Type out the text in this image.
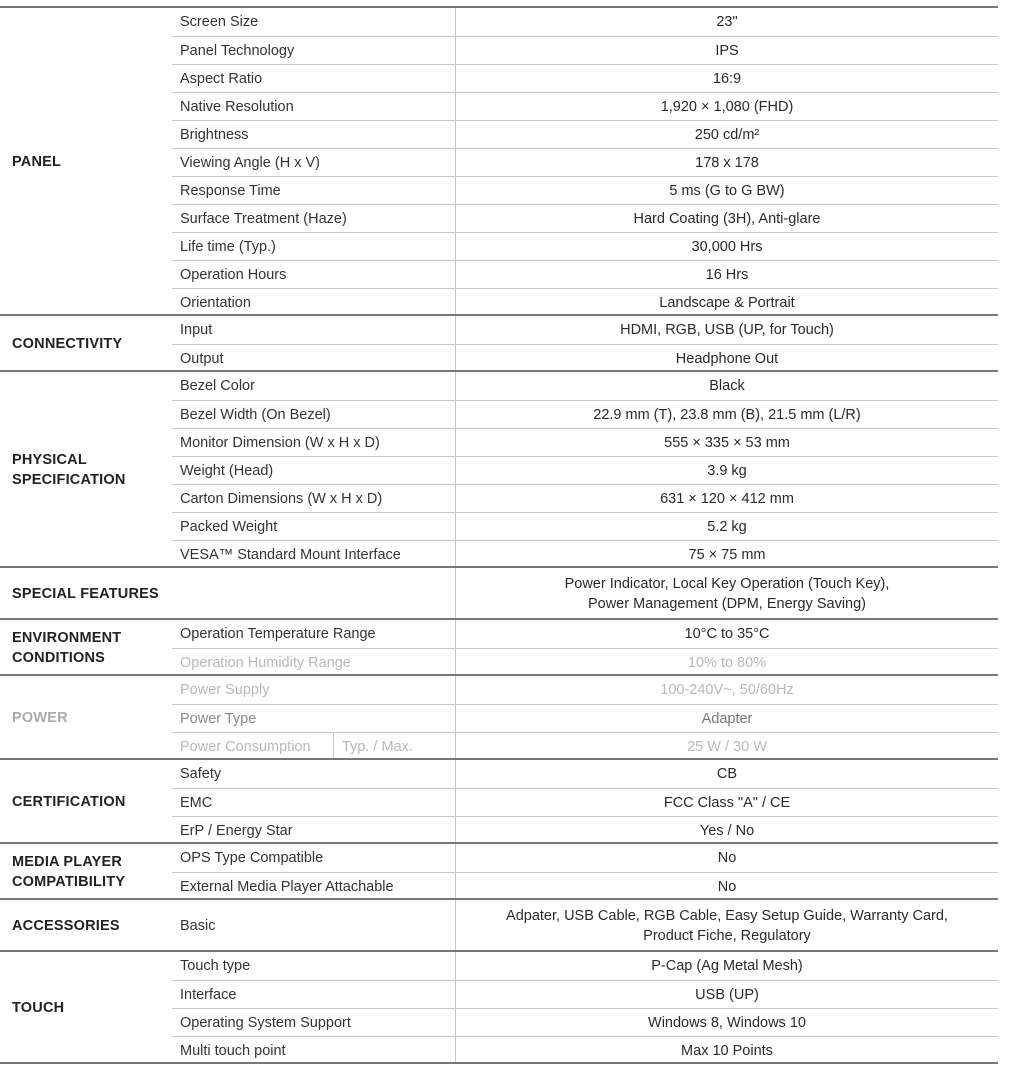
PANEL
Screen Size	23"
Panel Technology	IPS
Aspect Ratio	16:9
Native Resolution	1,920 × 1,080 (FHD)
Brightness	250 cd/m²
Viewing Angle (H x V)	178 x 178
Response Time	5 ms (G to G BW)
Surface Treatment (Haze)	Hard Coating (3H), Anti-glare
Life time (Typ.)	30,000 Hrs
Operation Hours	16 Hrs
Orientation	Landscape & Portrait
CONNECTIVITY
Input	HDMI, RGB, USB (UP, for Touch)
Output	Headphone Out
PHYSICAL
SPECIFICATION
Bezel Color	Black
Bezel Width (On Bezel)	22.9 mm (T), 23.8 mm (B), 21.5 mm (L/R)
Monitor Dimension (W x H x D)	555 × 335 × 53 mm
Weight (Head)	3.9 kg
Carton Dimensions (W x H x D)	631 × 120 × 412 mm
Packed Weight	5.2 kg
VESA™ Standard Mount Interface	75 × 75 mm
SPECIAL FEATURES
Power Indicator, Local Key Operation (Touch Key),
Power Management (DPM, Energy Saving)
ENVIRONMENT
CONDITIONS
Operation Temperature Range	10°C to 35°C
Operation Humidity Range	10% to 80%
POWER
Power Supply	100-240V~, 50/60Hz
Power Type	Adapter
Power Consumption	Typ. / Max.	25 W / 30 W
CERTIFICATION
Safety	CB
EMC	FCC Class "A" / CE
ErP / Energy Star	Yes / No
MEDIA PLAYER
COMPATIBILITY
OPS Type Compatible	No
External Media Player Attachable	No
ACCESSORIES	Basic
Adpater, USB Cable, RGB Cable, Easy Setup Guide, Warranty Card,
Product Fiche, Regulatory
TOUCH
Touch type	P-Cap (Ag Metal Mesh)
Interface	USB (UP)
Operating System Support	Windows 8, Windows 10
Multi touch point	Max 10 Points
